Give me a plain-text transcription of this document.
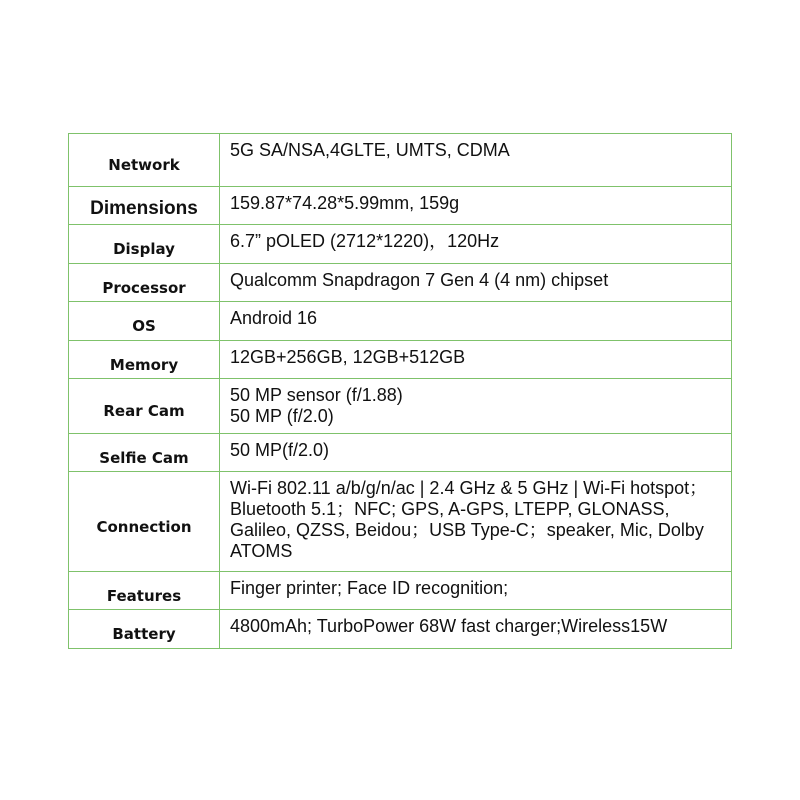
Network	5G SA/NSA,4GLTE, UMTS, CDMA

Dimensions	159.87*74.28*5.99mm, 159g

Display	6.7” pOLED (2712*1220)，120Hz

Processor	Qualcomm Snapdragon 7 Gen 4 (4 nm) chipset

OS	Android 16

Memory	12GB+256GB, 12GB+512GB

Rear Cam	50 MP sensor (f/1.88)
50 MP (f/2.0)

Selfie Cam	50 MP(f/2.0)

Connection	Wi-Fi 802.11 a/b/g/n/ac | 2.4 GHz & 5 GHz | Wi-Fi hotspot；
Bluetooth 5.1；NFC; GPS, A-GPS, LTEPP, GLONASS,
Galileo, QZSS, Beidou；USB Type-C；speaker, Mic, Dolby
ATOMS

Features	Finger printer; Face ID recognition;

Battery	4800mAh; TurboPower 68W fast charger;Wireless15W
